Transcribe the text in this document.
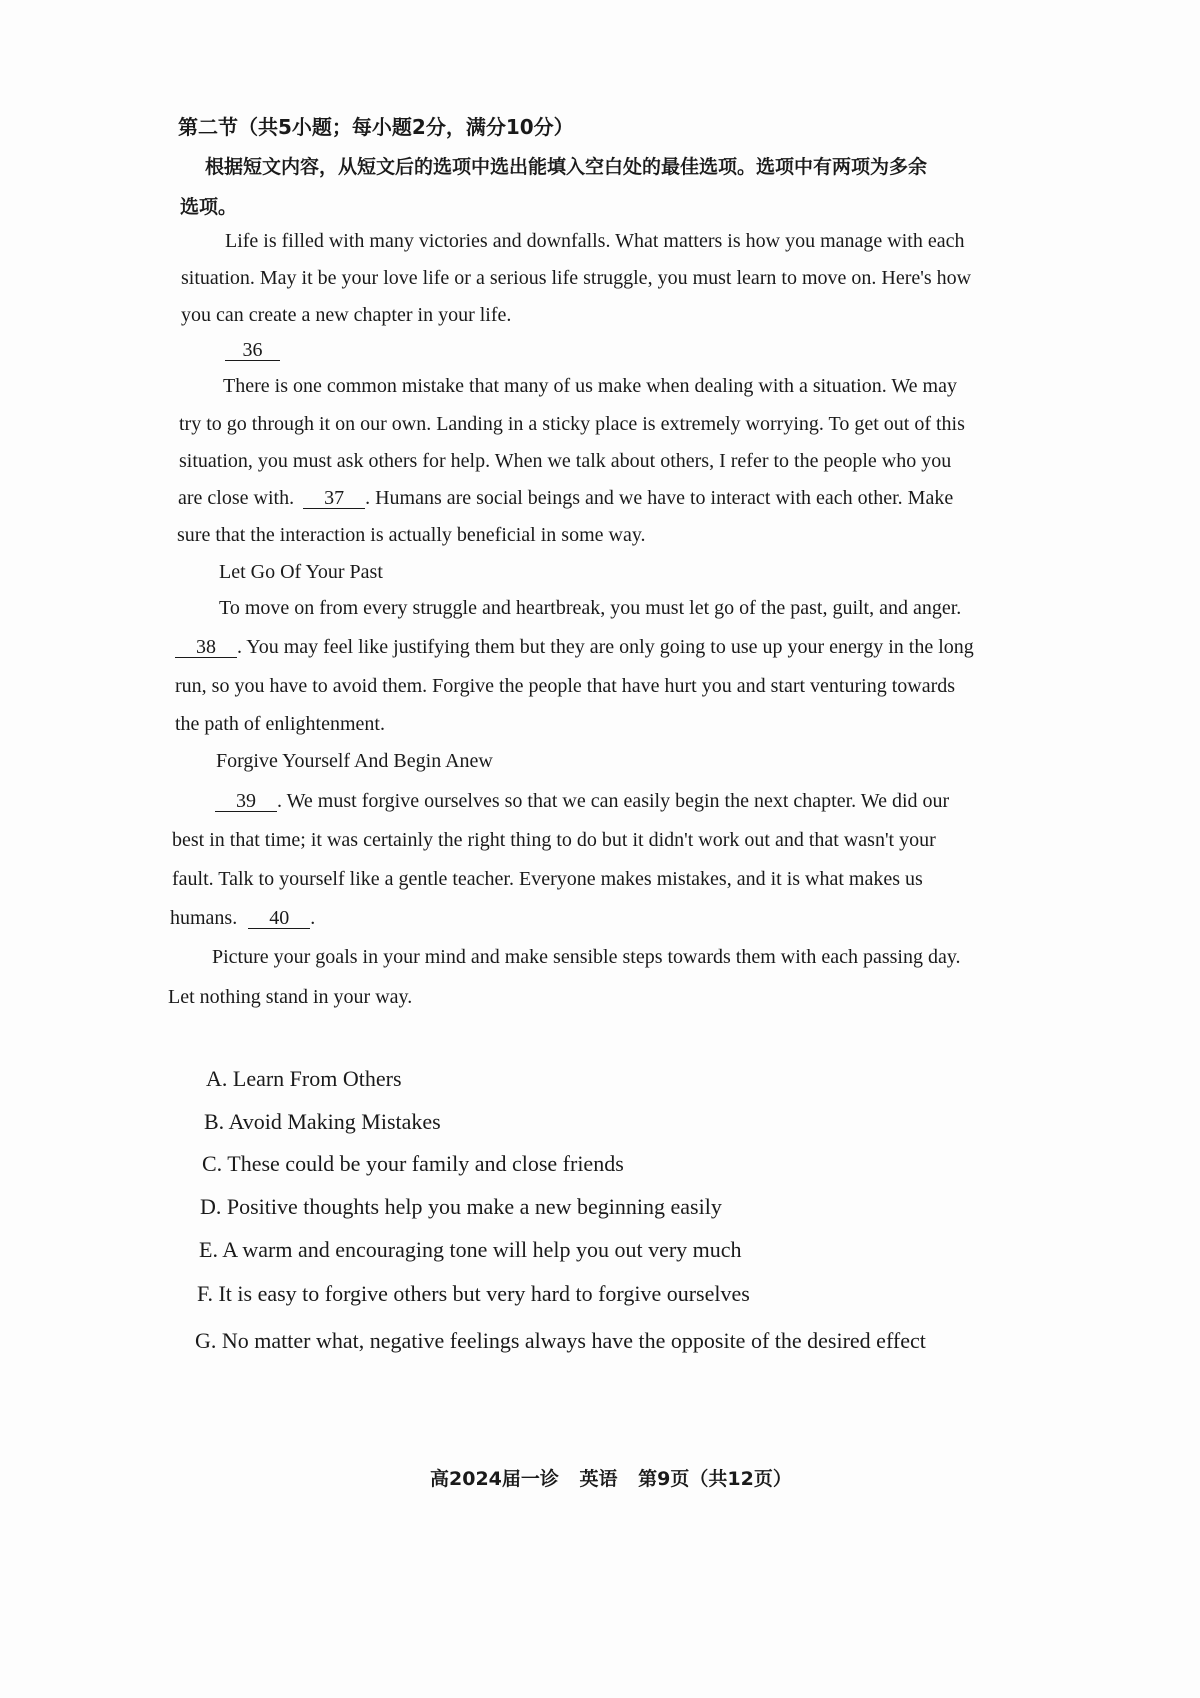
第二节（共5小题；每小题2分，满分10分）
根据短文内容，从短文后的选项中选出能填入空白处的最佳选项。选项中有两项为多余
选项。
Life is filled with many victories and downfalls. What matters is how you manage with each
situation. May it be your love life or a serious life struggle, you must learn to move on. Here's how
you can create a new chapter in your life.
36
There is one common mistake that many of us make when dealing with a situation. We may
try to go through it on our own. Landing in a sticky place is extremely worrying. To get out of this
situation, you must ask others for help. When we talk about others, I refer to the people who you
are close with. 37 . Humans are social beings and we have to interact with each other. Make
sure that the interaction is actually beneficial in some way.
Let Go Of Your Past
To move on from every struggle and heartbreak, you must let go of the past, guilt, and anger.
38 . You may feel like justifying them but they are only going to use up your energy in the long
run, so you have to avoid them. Forgive the people that have hurt you and start venturing towards
the path of enlightenment.
Forgive Yourself And Begin Anew
39 . We must forgive ourselves so that we can easily begin the next chapter. We did our
best in that time; it was certainly the right thing to do but it didn't work out and that wasn't your
fault. Talk to yourself like a gentle teacher. Everyone makes mistakes, and it is what makes us
humans. 40 .
Picture your goals in your mind and make sensible steps towards them with each passing day.
Let nothing stand in your way.
A. Learn From Others
B. Avoid Making Mistakes
C. These could be your family and close friends
D. Positive thoughts help you make a new beginning easily
E. A warm and encouraging tone will help you out very much
F. It is easy to forgive others but very hard to forgive ourselves
G. No matter what, negative feelings always have the opposite of the desired effect
高2024届一诊 英语 第9页（共12页）
